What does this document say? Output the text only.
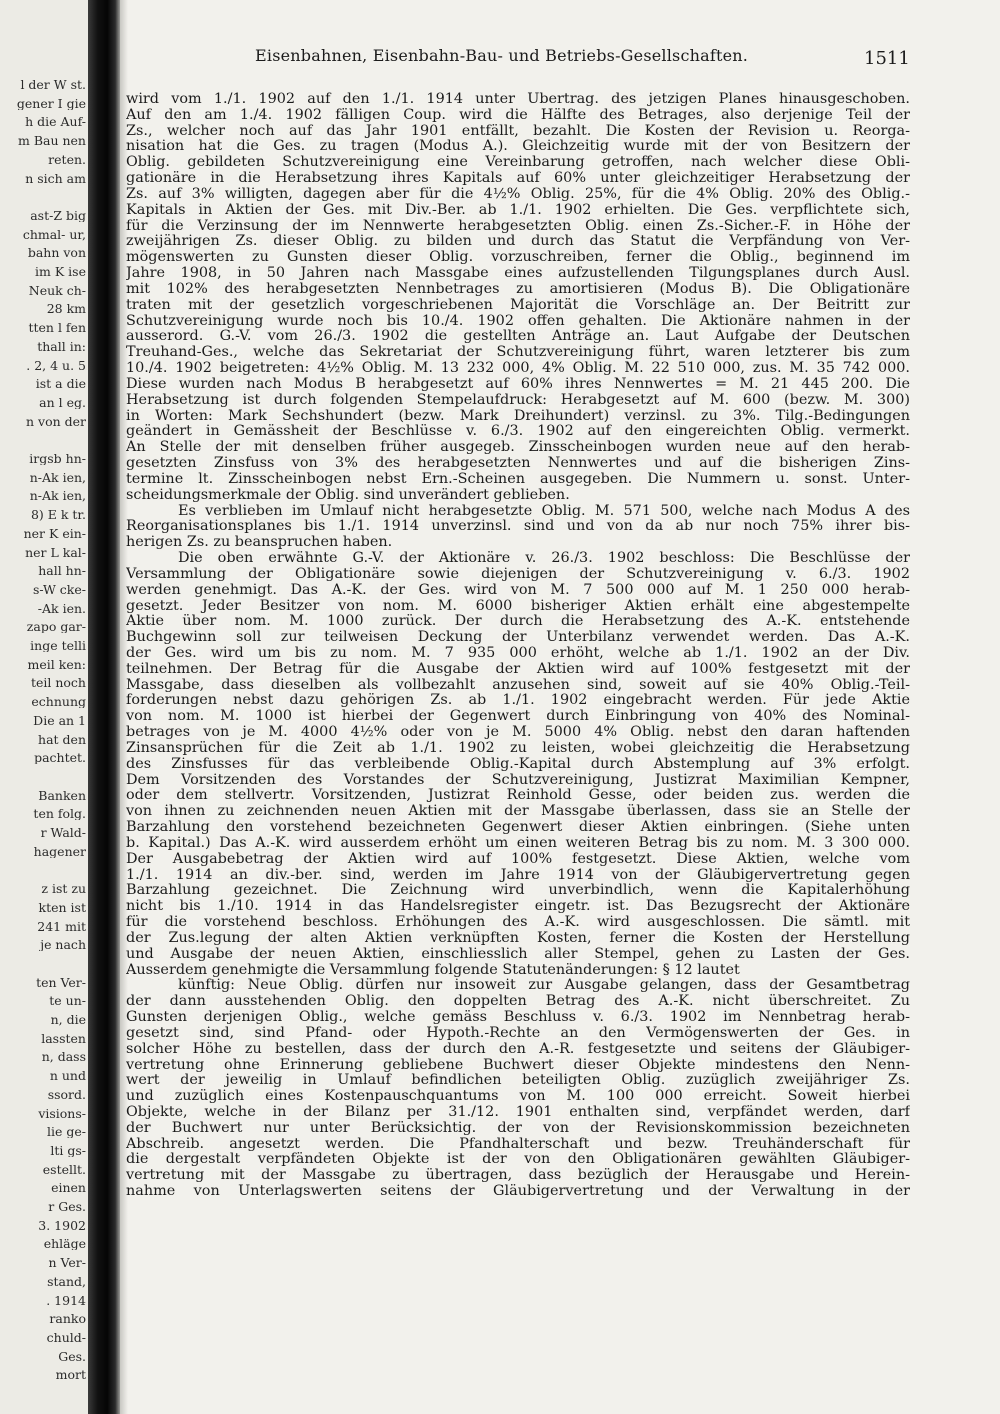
l der W st.
gener I gie
h die Auf-
m Bau nen
reten.
n sich am
ast-Z big
chmal- ur,
bahn von
im K ise
Neuk ch-
28 km
tten l fen
thall in:
. 2, 4 u. 5
ist a die
an l eg.
n von der
irgsb hn-
n-Ak ien,
n-Ak ien,
8) E k tr.
ner K ein-
ner L kal-
hall hn-
s-W cke-
-Ak ien.
zapo gar-
inge telli
meil ken:
teil noch
echnung
Die an 1
hat den
pachtet.
Banken
ten folg.
r Wald-
hagener
z ist zu
kten ist
241 mit
je nach
ten Ver-
te un-
n, die
lassten
n, dass
n und
ssord.
visions-
lie ge-
lti gs-
estellt.
einen
r Ges.
3. 1902
ehläge
n Ver-
stand,
. 1914
ranko
chuld-
Ges.
mort
Eisenbahnen, Eisenbahn-Bau- und Betriebs-Gesellschaften.	1511
wird vom 1./1. 1902 auf den 1./1. 1914 unter Übertrag. des jetzigen Planes hinausgeschoben.
Auf den am 1./4. 1902 fälligen Coup. wird die Hälfte des Betrages, also derjenige Teil der
Zs., welcher noch auf das Jahr 1901 entfällt, bezahlt. Die Kosten der Revision u. Reorga-
nisation hat die Ges. zu tragen (Modus A.). Gleichzeitig wurde mit der von Besitzern der
Oblig. gebildeten Schutzvereinigung eine Vereinbarung getroffen, nach welcher diese Obli-
gationäre in die Herabsetzung ihres Kapitals auf 60% unter gleichzeitiger Herabsetzung der
Zs. auf 3% willigten, dagegen aber für die 4½% Oblig. 25%, für die 4% Oblig. 20% des Oblig.-
Kapitals in Aktien der Ges. mit Div.-Ber. ab 1./1. 1902 erhielten. Die Ges. verpflichtete sich,
für die Verzinsung der im Nennwerte herabgesetzten Oblig. einen Zs.-Sicher.-F. in Höhe der
zweijährigen Zs. dieser Oblig. zu bilden und durch das Statut die Verpfändung von Ver-
mögenswerten zu Gunsten dieser Oblig. vorzuschreiben, ferner die Oblig., beginnend im
Jahre 1908, in 50 Jahren nach Massgabe eines aufzustellenden Tilgungsplanes durch Ausl.
mit 102% des herabgesetzten Nennbetrages zu amortisieren (Modus B). Die Obligationäre
traten mit der gesetzlich vorgeschriebenen Majorität die Vorschläge an. Der Beitritt zur
Schutzvereinigung wurde noch bis 10./4. 1902 offen gehalten. Die Aktionäre nahmen in der
ausserord. G.-V. vom 26./3. 1902 die gestellten Anträge an. Laut Aufgabe der Deutschen
Treuhand-Ges., welche das Sekretariat der Schutzvereinigung führt, waren letzterer bis zum
10./4. 1902 beigetreten: 4½% Oblig. M. 13 232 000, 4% Oblig. M. 22 510 000, zus. M. 35 742 000.
Diese wurden nach Modus B herabgesetzt auf 60% ihres Nennwertes = M. 21 445 200. Die
Herabsetzung ist durch folgenden Stempelaufdruck: Herabgesetzt auf M. 600 (bezw. M. 300)
in Worten: Mark Sechshundert (bezw. Mark Dreihundert) verzinsl. zu 3%. Tilg.-Bedingungen
geändert in Gemässheit der Beschlüsse v. 6./3. 1902 auf den eingereichten Oblig. vermerkt.
An Stelle der mit denselben früher ausgegeb. Zinsscheinbogen wurden neue auf den herab-
gesetzten Zinsfuss von 3% des herabgesetzten Nennwertes und auf die bisherigen Zins-
termine lt. Zinsscheinbogen nebst Ern.-Scheinen ausgegeben. Die Nummern u. sonst. Unter-
scheidungsmerkmale der Oblig. sind unverändert geblieben.
Es verblieben im Umlauf nicht herabgesetzte Oblig. M. 571 500, welche nach Modus A des
Reorganisationsplanes bis 1./1. 1914 unverzinsl. sind und von da ab nur noch 75% ihrer bis-
herigen Zs. zu beanspruchen haben.
Die oben erwähnte G.-V. der Aktionäre v. 26./3. 1902 beschloss: Die Beschlüsse der
Versammlung der Obligationäre sowie diejenigen der Schutzvereinigung v. 6./3. 1902
werden genehmigt. Das A.-K. der Ges. wird von M. 7 500 000 auf M. 1 250 000 herab-
gesetzt. Jeder Besitzer von nom. M. 6000 bisheriger Aktien erhält eine abgestempelte
Aktie über nom. M. 1000 zurück. Der durch die Herabsetzung des A.-K. entstehende
Buchgewinn soll zur teilweisen Deckung der Unterbilanz verwendet werden. Das A.-K.
der Ges. wird um bis zu nom. M. 7 935 000 erhöht, welche ab 1./1. 1902 an der Div.
teilnehmen. Der Betrag für die Ausgabe der Aktien wird auf 100% festgesetzt mit der
Massgabe, dass dieselben als vollbezahlt anzusehen sind, soweit auf sie 40% Oblig.-Teil-
forderungen nebst dazu gehörigen Zs. ab 1./1. 1902 eingebracht werden. Für jede Aktie
von nom. M. 1000 ist hierbei der Gegenwert durch Einbringung von 40% des Nominal-
betrages von je M. 4000 4½% oder von je M. 5000 4% Oblig. nebst den daran haftenden
Zinsansprüchen für die Zeit ab 1./1. 1902 zu leisten, wobei gleichzeitig die Herabsetzung
des Zinsfusses für das verbleibende Oblig.-Kapital durch Abstemplung auf 3% erfolgt.
Dem Vorsitzenden des Vorstandes der Schutzvereinigung, Justizrat Maximilian Kempner,
oder dem stellvertr. Vorsitzenden, Justizrat Reinhold Gesse, oder beiden zus. werden die
von ihnen zu zeichnenden neuen Aktien mit der Massgabe überlassen, dass sie an Stelle der
Barzahlung den vorstehend bezeichneten Gegenwert dieser Aktien einbringen. (Siehe unten
b. Kapital.) Das A.-K. wird ausserdem erhöht um einen weiteren Betrag bis zu nom. M. 3 300 000.
Der Ausgabebetrag der Aktien wird auf 100% festgesetzt. Diese Aktien, welche vom
1./1. 1914 an div.-ber. sind, werden im Jahre 1914 von der Gläubigervertretung gegen
Barzahlung gezeichnet. Die Zeichnung wird unverbindlich, wenn die Kapitalerhöhung
nicht bis 1./10. 1914 in das Handelsregister eingetr. ist. Das Bezugsrecht der Aktionäre
für die vorstehend beschloss. Erhöhungen des A.-K. wird ausgeschlossen. Die sämtl. mit
der Zus.legung der alten Aktien verknüpften Kosten, ferner die Kosten der Herstellung
und Ausgabe der neuen Aktien, einschliesslich aller Stempel, gehen zu Lasten der Ges.
Ausserdem genehmigte die Versammlung folgende Statutenänderungen: § 12 lautet
künftig: Neue Oblig. dürfen nur insoweit zur Ausgabe gelangen, dass der Gesamtbetrag
der dann ausstehenden Oblig. den doppelten Betrag des A.-K. nicht überschreitet. Zu
Gunsten derjenigen Oblig., welche gemäss Beschluss v. 6./3. 1902 im Nennbetrag herab-
gesetzt sind, sind Pfand- oder Hypoth.-Rechte an den Vermögenswerten der Ges. in
solcher Höhe zu bestellen, dass der durch den A.-R. festgesetzte und seitens der Gläubiger-
vertretung ohne Erinnerung gebliebene Buchwert dieser Objekte mindestens den Nenn-
wert der jeweilig in Umlauf befindlichen beteiligten Oblig. zuzüglich zweijähriger Zs.
und zuzüglich eines Kostenpauschquantums von M. 100 000 erreicht. Soweit hierbei
Objekte, welche in der Bilanz per 31./12. 1901 enthalten sind, verpfändet werden, darf
der Buchwert nur unter Berücksichtig. der von der Revisionskommission bezeichneten
Abschreib. angesetzt werden. Die Pfandhalterschaft und bezw. Treuhänderschaft für
die dergestalt verpfändeten Objekte ist der von den Obligationären gewählten Gläubiger-
vertretung mit der Massgabe zu übertragen, dass bezüglich der Herausgabe und Herein-
nahme von Unterlagswerten seitens der Gläubigervertretung und der Verwaltung in der
